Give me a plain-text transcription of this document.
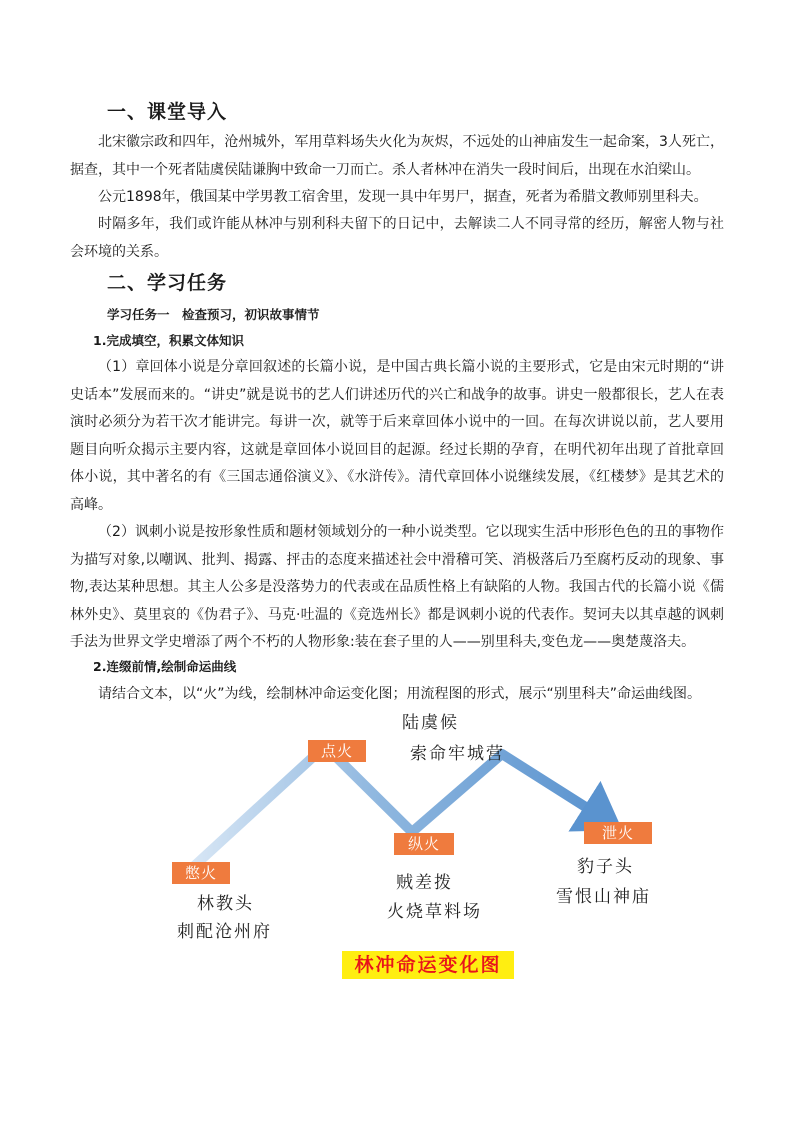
一、课堂导入
北宋徽宗政和四年，沧州城外，军用草料场失火化为灰烬，不远处的山神庙发生一起命案，3人死亡，据查，其中一个死者陆虞侯陆谦胸中致命一刀而亡。杀人者林冲在消失一段时间后，出现在水泊梁山。
公元1898年，俄国某中学男教工宿舍里，发现一具中年男尸，据查，死者为希腊文教师别里科夫。
时隔多年，我们或许能从林冲与别利科夫留下的日记中，去解读二人不同寻常的经历，解密人物与社会环境的关系。
二、学习任务
学习任务一　检查预习，初识故事情节
1.完成填空，积累文体知识
（1）章回体小说是分章回叙述的长篇小说，是中国古典长篇小说的主要形式，它是由宋元时期的“讲史话本”发展而来的。“讲史”就是说书的艺人们讲述历代的兴亡和战争的故事。讲史一般都很长，艺人在表演时必须分为若干次才能讲完。每讲一次，就等于后来章回体小说中的一回。在每次讲说以前，艺人要用题目向听众揭示主要内容，这就是章回体小说回目的起源。经过长期的孕育，在明代初年出现了首批章回体小说，其中著名的有《三国志通俗演义》、《水浒传》。清代章回体小说继续发展，《红楼梦》是其艺术的高峰。
（2）讽刺小说是按形象性质和题材领域划分的一种小说类型。它以现实生活中形形色色的丑的事物作为描写对象,以嘲讽、批判、揭露、抨击的态度来描述社会中滑稽可笑、消极落后乃至腐朽反动的现象、事物,表达某种思想。其主人公多是没落势力的代表或在品质性格上有缺陷的人物。我国古代的长篇小说《儒林外史》、莫里哀的《伪君子》、马克·吐温的《竞选州长》都是讽刺小说的代表作。契诃夫以其卓越的讽刺手法为世界文学史增添了两个不朽的人物形象:装在套子里的人——别里科夫,变色龙——奥楚蔑洛夫。
2.连缀前情,绘制命运曲线
请结合文本，以“火”为线，绘制林冲命运变化图；用流程图的形式，展示“别里科夫”命运曲线图。
憋火
林教头
刺配沧州府
点火
陆虞候
索命牢城营
纵火
贼差拨
火烧草料场
泄火
豹子头
雪恨山神庙
林冲命运变化图
